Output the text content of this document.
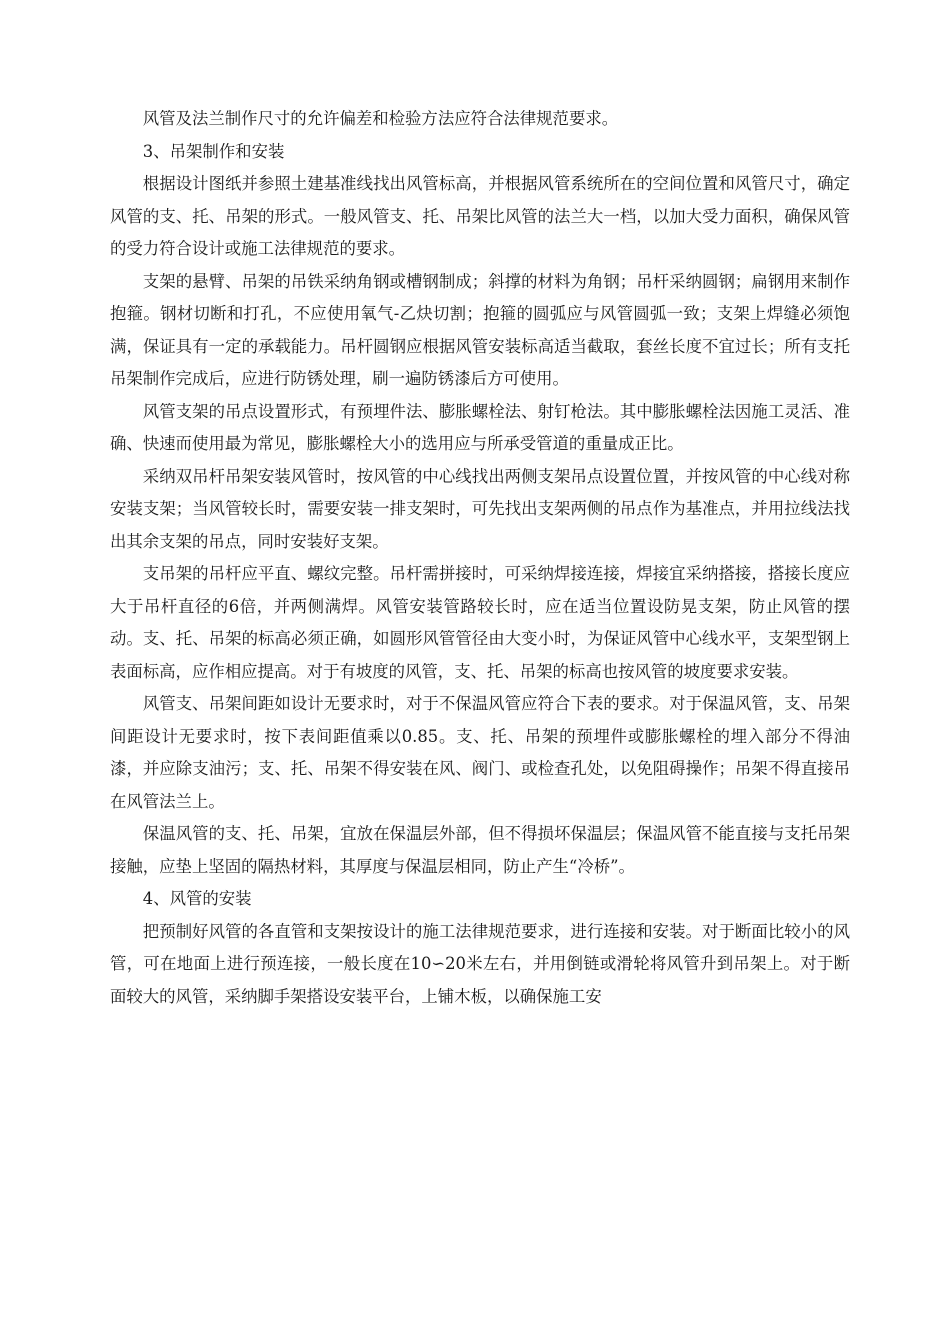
风管及法兰制作尺寸的允许偏差和检验方法应符合法律规范要求。

3、吊架制作和安装

根据设计图纸并参照土建基准线找出风管标高，并根据风管系统所在的空间位置和风管尺寸，确定风管的支、托、吊架的形式。一般风管支、托、吊架比风管的法兰大一档，以加大受力面积，确保风管的受力符合设计或施工法律规范的要求。

支架的悬臂、吊架的吊铁采纳角钢或槽钢制成；斜撑的材料为角钢；吊杆采纳圆钢；扁钢用来制作抱箍。钢材切断和打孔，不应使用氧气-乙炔切割；抱箍的圆弧应与风管圆弧一致；支架上焊缝必须饱满，保证具有一定的承载能力。吊杆圆钢应根据风管安装标高适当截取，套丝长度不宜过长；所有支托吊架制作完成后，应进行防锈处理，刷一遍防锈漆后方可使用。

风管支架的吊点设置形式，有预埋件法、膨胀螺栓法、射钉枪法。其中膨胀螺栓法因施工灵活、准确、快速而使用最为常见，膨胀螺栓大小的选用应与所承受管道的重量成正比。

采纳双吊杆吊架安装风管时，按风管的中心线找出两侧支架吊点设置位置，并按风管的中心线对称安装支架；当风管较长时，需要安装一排支架时，可先找出支架两侧的吊点作为基准点，并用拉线法找出其余支架的吊点，同时安装好支架。

支吊架的吊杆应平直、螺纹完整。吊杆需拼接时，可采纳焊接连接，焊接宜采纳搭接，搭接长度应大于吊杆直径的6倍，并两侧满焊。风管安装管路较长时，应在适当位置设防晃支架，防止风管的摆动。支、托、吊架的标高必须正确，如圆形风管管径由大变小时，为保证风管中心线水平，支架型钢上表面标高，应作相应提高。对于有坡度的风管，支、托、吊架的标高也按风管的坡度要求安装。

风管支、吊架间距如设计无要求时，对于不保温风管应符合下表的要求。对于保温风管，支、吊架间距设计无要求时，按下表间距值乘以0.85。支、托、吊架的预埋件或膨胀螺栓的埋入部分不得油漆，并应除支油污；支、托、吊架不得安装在风、阀门、或检查孔处，以免阻碍操作；吊架不得直接吊在风管法兰上。

保温风管的支、托、吊架，宜放在保温层外部，但不得损坏保温层；保温风管不能直接与支托吊架接触，应垫上坚固的隔热材料，其厚度与保温层相同，防止产生“冷桥”。

4、风管的安装

把预制好风管的各直管和支架按设计的施工法律规范要求，进行连接和安装。对于断面比较小的风管，可在地面上进行预连接，一般长度在10∽20米左右，并用倒链或滑轮将风管升到吊架上。对于断面较大的风管，采纳脚手架搭设安装平台，上铺木板，以确保施工安
